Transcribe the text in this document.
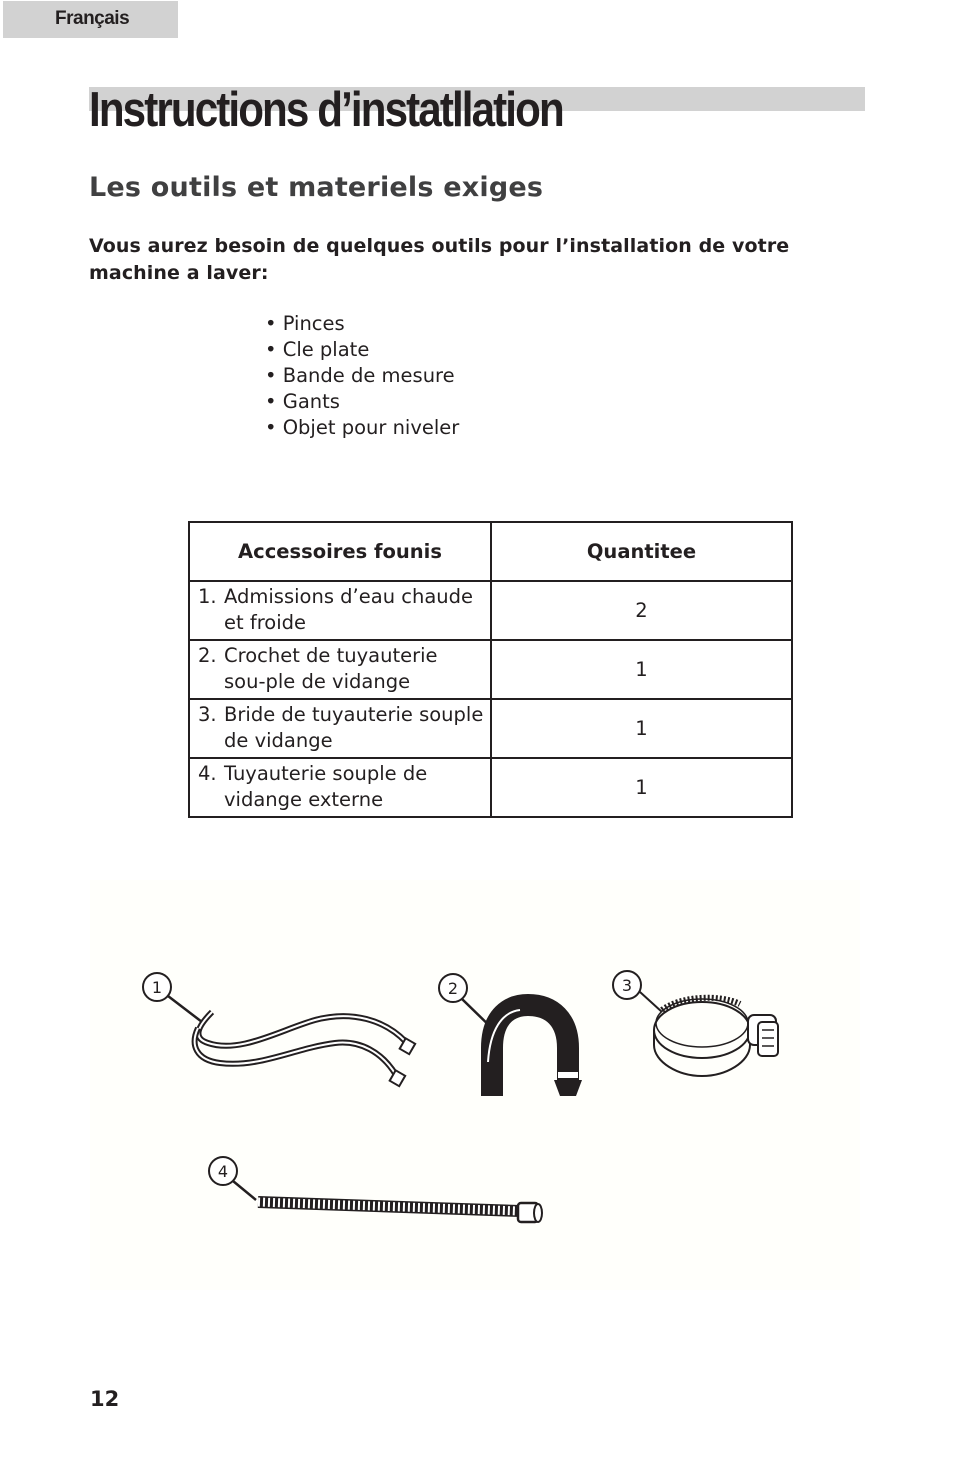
Français
Instructions d’instatllation
Les outils et materiels exiges

Vous aurez besoin de quelques outils pour l’installation de votre machine a laver:

• Pinces
• Cle plate
• Bande de mesure
• Gants
• Objet pour niveler
Accessoires founis	Quantitee

1. Admissions d’eau chaude et froide	2

2. Crochet de tuyauterie sou-ple de vidange	1

3. Bride de tuyauterie souple de vidange	1

4. Tuyauterie souple de vidange externe	1
1	2	3
4

12
